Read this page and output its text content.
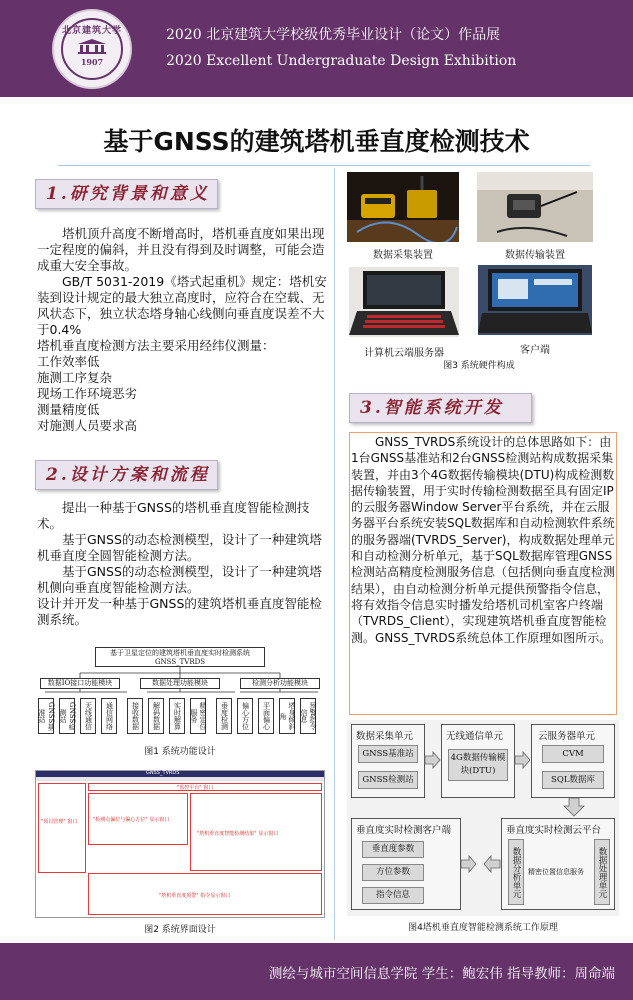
北京建筑大学
1907
2020 北京建筑大学校级优秀毕业设计（论文）作品展
2020 Excellent Undergraduate Design Exhibition
基于GNSS的建筑塔机垂直度检测技术
1.研究背景和意义

塔机顶升高度不断增高时，塔机垂直度如果出现一定程度的偏斜，并且没有得到及时调整，可能会造成重大安全事故。

GB/T 5031-2019《塔式起重机》规定：塔机安装到设计规定的最大独立高度时，应符合在空载、无风状态下，独立状态塔身轴心线侧向垂直度误差不大于0.4%

塔机垂直度检测方法主要采用经纬仪测量：

工作效率低

施测工序复杂

现场工作环境恶劣

测量精度低

对施测人员要求高

2.设计方案和流程

提出一种基于GNSS的塔机垂直度智能检测技术。

基于GNSS的动态检测模型，设计了一种建筑塔机垂直度全圆智能检测方法。

基于GNSS的动态检测模型，设计了一种建筑塔机侧向垂直度智能检测方法。

设计并开发一种基于GNSS的建筑塔机垂直度智能检测系统。

基于卫星定位的建筑塔机垂直度实时检测系统
GNSS_TVRDS
数据IO接口功能模块	数据处理功能模块	检测分析功能模块
GNSS基准站	GNSS检测站	无线通信	通信网络	接收数据	解码数据	实时解算	精密定位服务	垂度检测	偏心方位	平面偏心	塔身倾斜角	预警指令信息
图1 系统功能设计
GNSS_TVRDS
"项目管理" 窗口
"监控平台" 窗口
"检测点偏位与偏心方位" 显示窗口
"塔机垂直度智能检测结果" 显示窗口
"塔机垂直度预警" 指令显示窗口
图2 系统界面设计
数据采集装置	数据传输装置
计算机云端服务器	客户端
图3 系统硬件构成
3.智能系统开发
GNSS_TVRDS系统设计的总体思路如下：由1台GNSS基准站和2台GNSS检测站构成数据采集装置，并由3个4G数据传输模块(DTU)构成检测数据传输装置，用于实时传输检测数据至具有固定IP的云服务器Window Server平台系统，并在云服务器平台系统安装SQL数据库和自动检测软件系统的服务器端(TVRDS_Server)，构成数据处理单元和自动检测分析单元，基于SQL数据库管理GNSS检测站高精度检测服务信息（包括侧向垂直度检测结果），由自动检测分析单元提供预警指令信息，将有效指令信息实时播发给塔机司机室客户终端（TVRDS_Client），实现建筑塔机垂直度智能检测。GNSS_TVRDS系统总体工作原理如图所示。
数据采集单元
GNSS基准站
GNSS检测站
无线通信单元
4G数据传输模块(DTU)
云服务器单元
CVM
SQL数据库
垂直度实时检测客户端
垂直度参数
方位参数
指令信息
垂直度实时检测云平台
数据分析单元	精密位置信息服务	数据处理单元
图4塔机垂直度智能检测系统工作原理
测绘与城市空间信息学院 学生：鲍宏伟 指导教师：周命端
